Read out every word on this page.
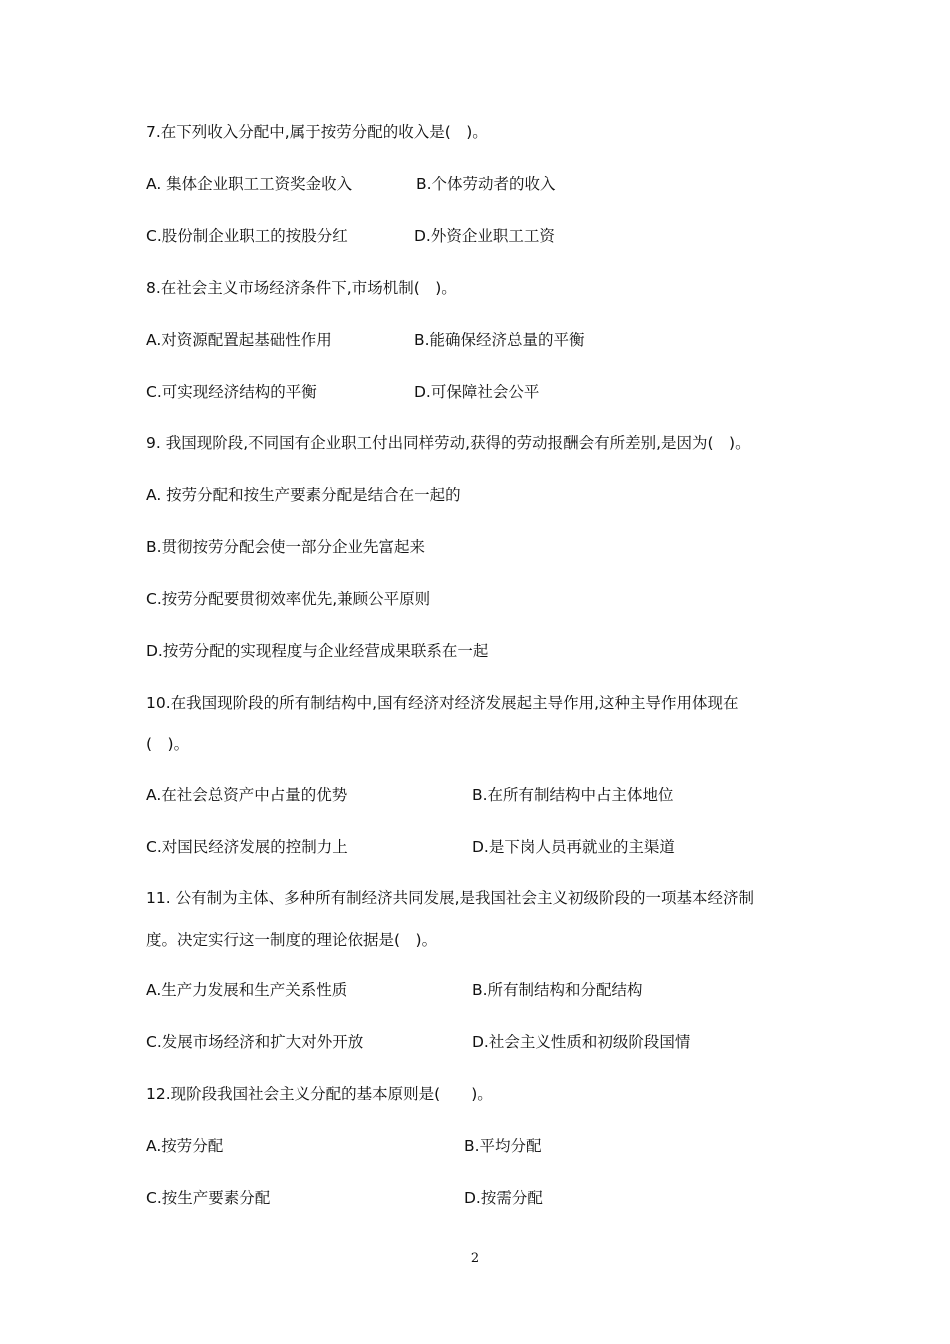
7.在下列收入分配中,属于按劳分配的收入是(　)。

A. 集体企业职工工资奖金收入	B.个体劳动者的收入

C.股份制企业职工的按股分红	D.外资企业职工工资

8.在社会主义市场经济条件下,市场机制(　)。

A.对资源配置起基础性作用	B.能确保经济总量的平衡

C.可实现经济结构的平衡	D.可保障社会公平

9. 我国现阶段,不同国有企业职工付出同样劳动,获得的劳动报酬会有所差别,是因为(　)。

A. 按劳分配和按生产要素分配是结合在一起的

B.贯彻按劳分配会使一部分企业先富起来

C.按劳分配要贯彻效率优先,兼顾公平原则

D.按劳分配的实现程度与企业经营成果联系在一起

10.在我国现阶段的所有制结构中,国有经济对经济发展起主导作用,这种主导作用体现在

(　)。

A.在社会总资产中占量的优势	B.在所有制结构中占主体地位

C.对国民经济发展的控制力上	D.是下岗人员再就业的主渠道

11. 公有制为主体、多种所有制经济共同发展,是我国社会主义初级阶段的一项基本经济制

度。决定实行这一制度的理论依据是(　)。

A.生产力发展和生产关系性质	B.所有制结构和分配结构

C.发展市场经济和扩大对外开放	D.社会主义性质和初级阶段国情

12.现阶段我国社会主义分配的基本原则是(　　)。

A.按劳分配	B.平均分配

C.按生产要素分配	D.按需分配

2
